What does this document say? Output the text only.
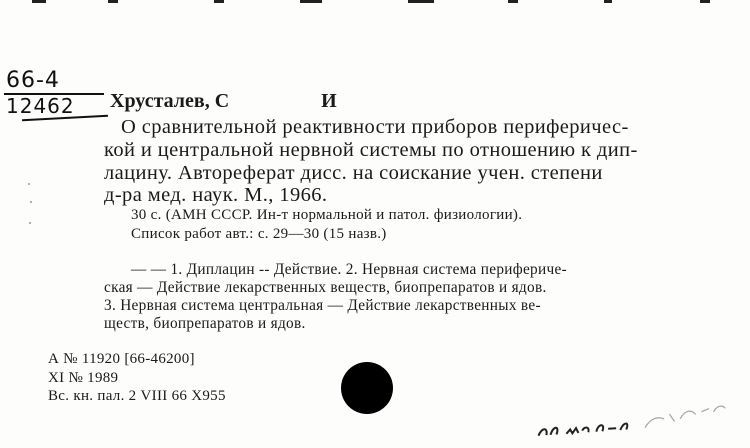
66-4
12462 Хрусталев, С	И
О сравнительной реактивности приборов периферичес-
кой и центральной нервной системы по отношению к дип-
лацину. Автореферат дисс. на соискание учен. степени
д-ра мед. наук. М., 1966.
30 с. (АМН СССР. Ин-т нормальной и патол. физиологии).
Список работ авт.: с. 29—30 (15 назв.)
— — 1. Диплацин -- Действие. 2. Нервная система перифериче-
ская — Действие лекарственных веществ, биопрепаратов и ядов.
3. Нервная система центральная — Действие лекарственных ве-
ществ, биопрепаратов и ядов.
А № 11920 [66-46200]
XI № 1989
Вс. кн. пал. 2 VIII 66 Х955
